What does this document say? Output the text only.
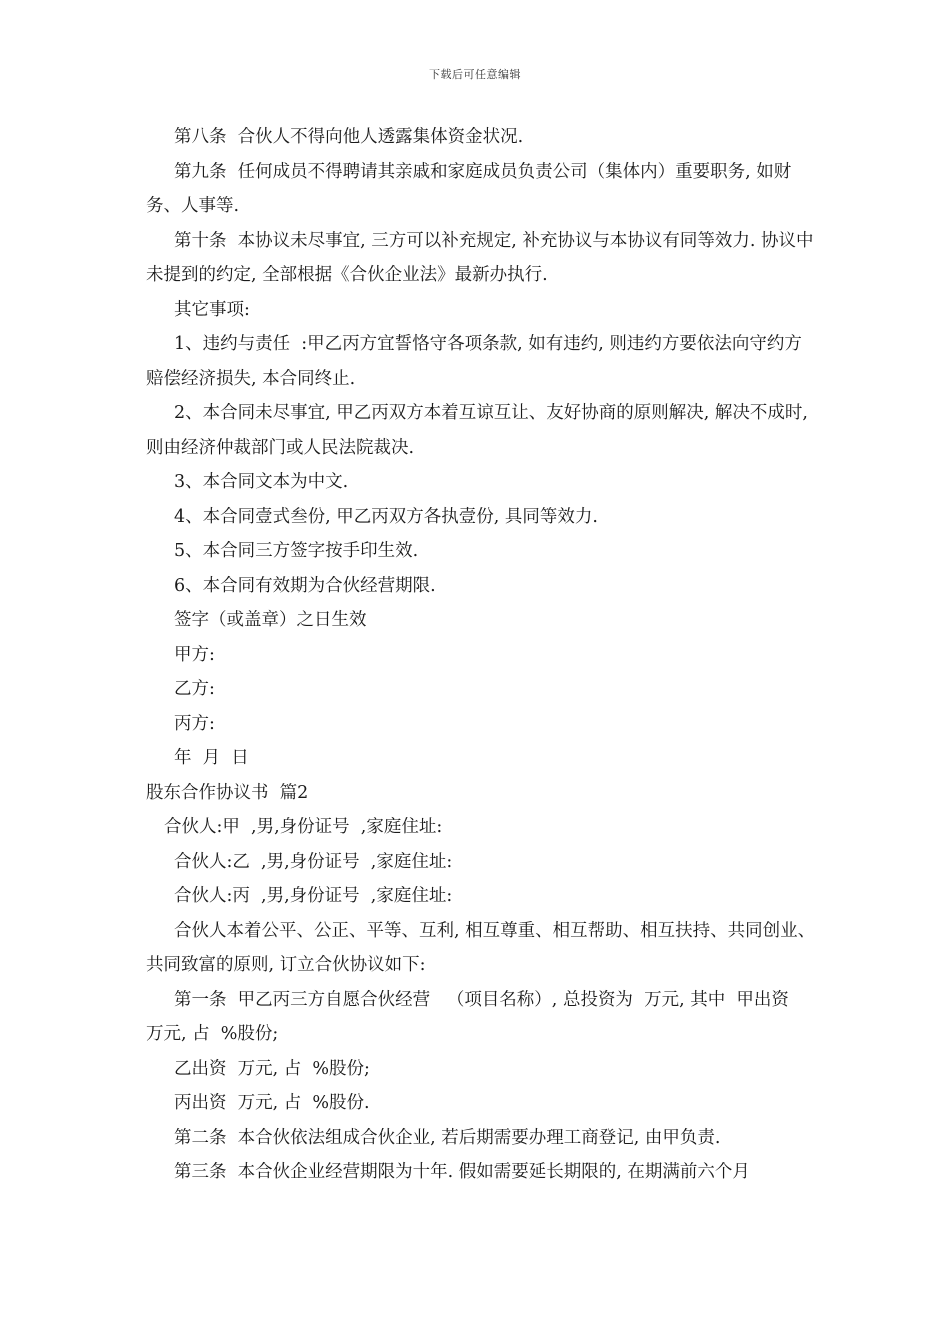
下载后可任意编辑

第八条  合伙人不得向他人透露集体资金状况.

第九条  任何成员不得聘请其亲戚和家庭成员负责公司（集体内）重要职务, 如财务、人事等.

第十条  本协议未尽事宜, 三方可以补充规定, 补充协议与本协议有同等效力. 协议中未提到的约定, 全部根据《合伙企业法》最新办执行.

其它事项:

1、违约与责任  :甲乙丙方宜誓恪守各项条款, 如有违约, 则违约方要依法向守约方赔偿经济损失, 本合同终止.

2、本合同未尽事宜, 甲乙丙双方本着互谅互让、友好协商的原则解决, 解决不成时, 则由经济仲裁部门或人民法院裁决.

3、本合同文本为中文.

4、本合同壹式叁份, 甲乙丙双方各执壹份, 具同等效力.

5、本合同三方签字按手印生效.

6、本合同有效期为合伙经营期限.

签字（或盖章）之日生效

甲方:

乙方:

丙方:

年  月  日

股东合作协议书  篇2

合伙人:甲  ,男,身份证号  ,家庭住址:

合伙人:乙  ,男,身份证号  ,家庭住址:

合伙人:丙  ,男,身份证号  ,家庭住址:

合伙人本着公平、公正、平等、互利, 相互尊重、相互帮助、相互扶持、共同创业、共同致富的原则, 订立合伙协议如下:

第一条  甲乙丙三方自愿合伙经营   （项目名称）, 总投资为  万元, 其中  甲出资  万元, 占  %股份;

乙出资  万元, 占  %股份;

丙出资  万元, 占  %股份.

第二条  本合伙依法组成合伙企业, 若后期需要办理工商登记, 由甲负责.

第三条  本合伙企业经营期限为十年. 假如需要延长期限的, 在期满前六个月
